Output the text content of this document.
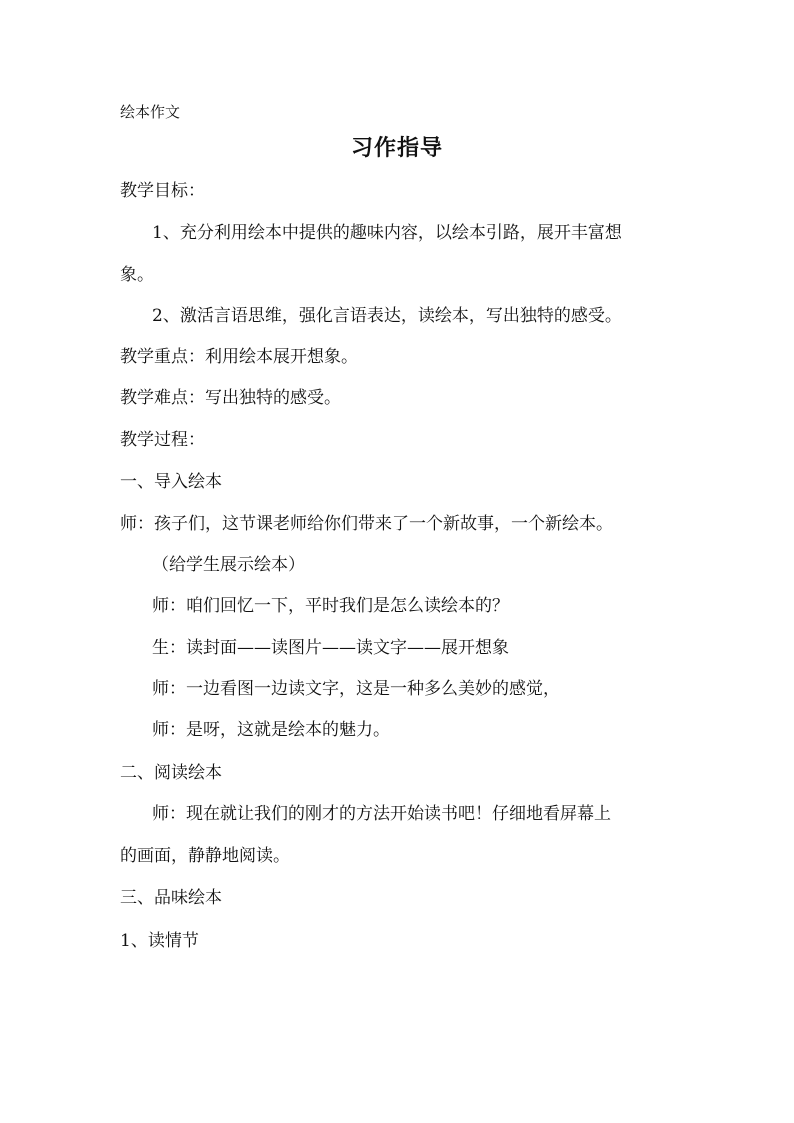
绘本作文
习作指导
教学目标：
1、充分利用绘本中提供的趣味内容，以绘本引路，展开丰富想
象。
2、激活言语思维，强化言语表达，读绘本，写出独特的感受。
教学重点：利用绘本展开想象。
教学难点：写出独特的感受。
教学过程：
一、导入绘本
师：孩子们，这节课老师给你们带来了一个新故事，一个新绘本。
（给学生展示绘本）
师：咱们回忆一下，平时我们是怎么读绘本的？
生：读封面——读图片——读文字——展开想象
师：一边看图一边读文字，这是一种多么美妙的感觉，
师：是呀，这就是绘本的魅力。
二、阅读绘本
师：现在就让我们的刚才的方法开始读书吧！仔细地看屏幕上
的画面，静静地阅读。
三、品味绘本
1、读情节
